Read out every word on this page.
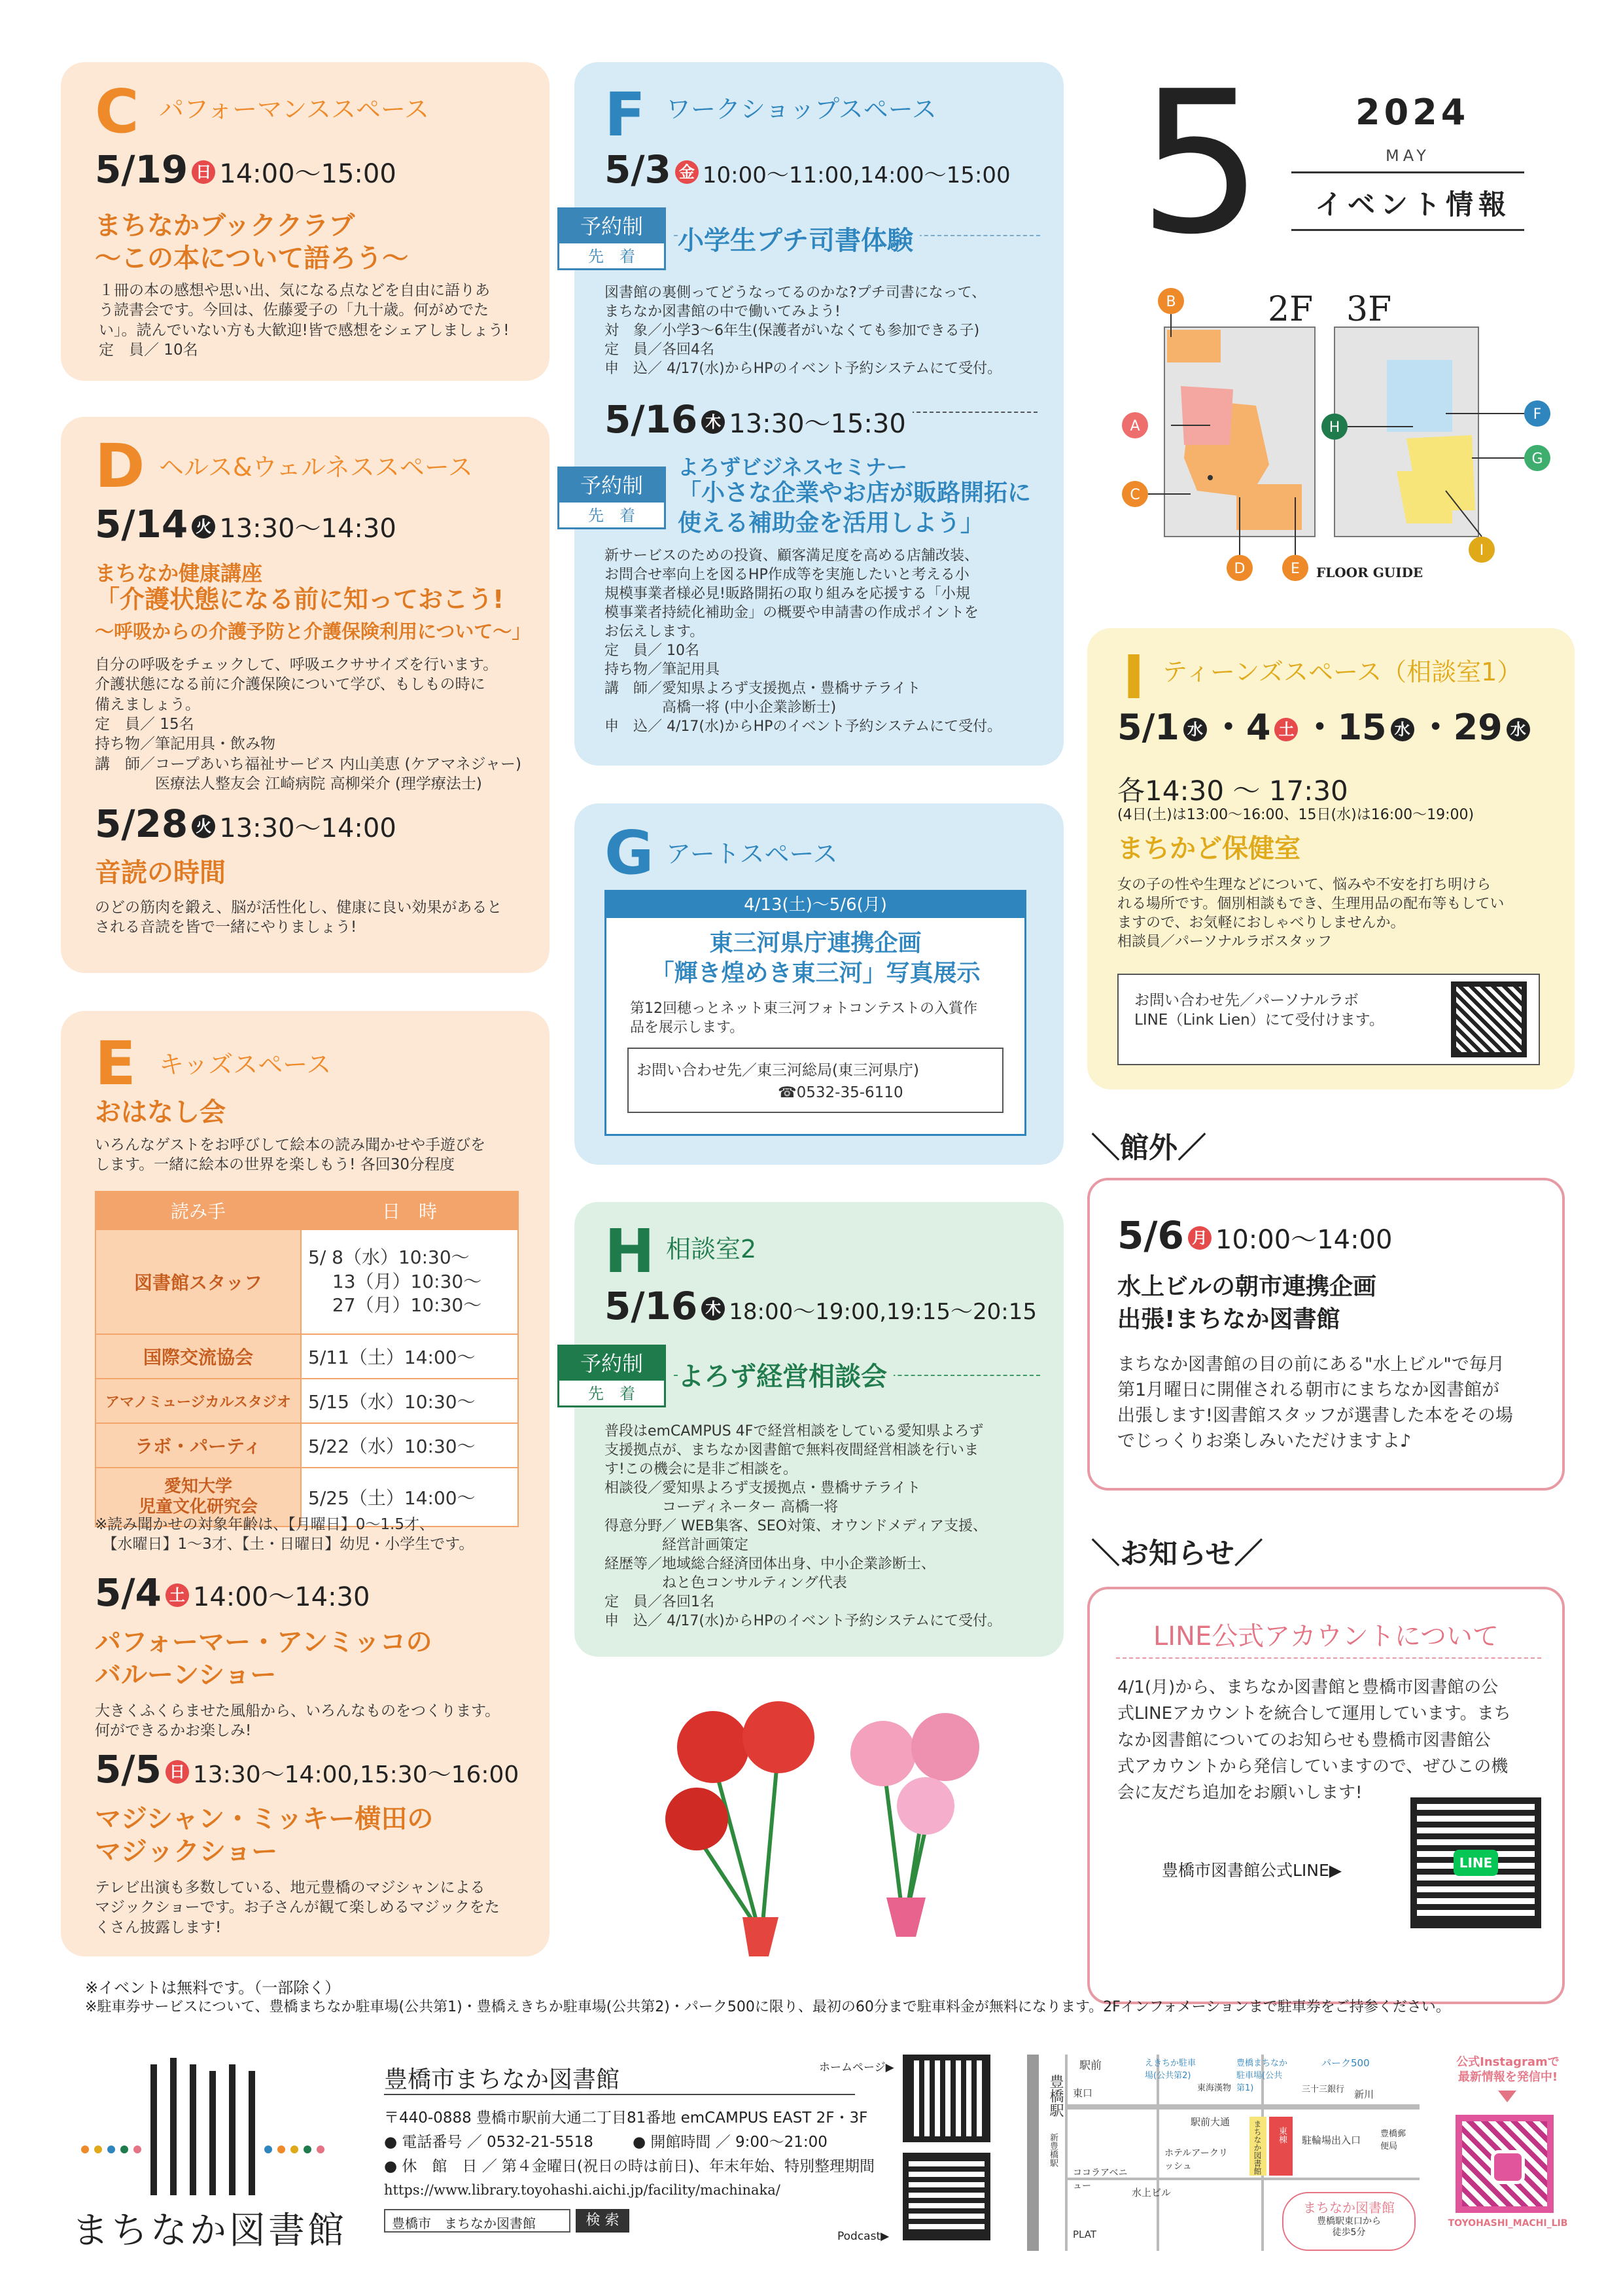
5	2024
MAY
イベント情報
2F 3F
A
B
C
D	E
F
G
H
I
FLOOR GUIDE
C パフォーマンススペース
5/19 日 14:00～15:00
まちなかブッククラブ
～この本について語ろう～
１冊の本の感想や思い出、気になる点などを自由に語りあ
う読書会です。今回は、佐藤愛子の「九十歳。何がめでた
い」。読んでいない方も大歓迎!皆で感想をシェアしましょう!
定　員／ 10名
D ヘルス&ウェルネススペース
5/14 火 13:30～14:30
まちなか健康講座
「介護状態になる前に知っておこう!
～呼吸からの介護予防と介護保険利用について～」
自分の呼吸をチェックして、呼吸エクササイズを行います。
介護状態になる前に介護保険について学び、もしもの時に
備えましょう。
定　員／ 15名
持ち物／筆記用具・飲み物
講　師／コープあいち福祉サービス 内山美恵 (ケアマネジャー)
　　　　医療法人整友会 江崎病院 高柳栄介 (理学療法士)
5/28 火 13:30～14:00
音読の時間
のどの筋肉を鍛え、脳が活性化し、健康に良い効果があると
される音読を皆で一緒にやりましょう!
E キッズスペース
おはなし会
いろんなゲストをお呼びして絵本の読み聞かせや手遊びを
します。一緒に絵本の世界を楽しもう! 各回30分程度
読み手	日　時
図書館スタッフ	5/ 8（水）10:30～
　 13（月）10:30～
　 27（月）10:30～
国際交流協会	5/11（土）14:00～
アマノミュージカルスタジオ	5/15（水）10:30～
ラボ・パーティ	5/22（水）10:30～
愛知大学
児童文化研究会	5/25（土）14:00～
※読み聞かせの対象年齢は、【月曜日】0～1.5才、
　【水曜日】1～3才、【土・日曜日】幼児・小学生です。
5/4 土 14:00～14:30
パフォーマー・アンミッコの
バルーンショー
大きくふくらませた風船から、いろんなものをつくります。
何ができるかお楽しみ!
5/5 日 13:30～14:00,15:30～16:00
マジシャン・ミッキー横田の
マジックショー
テレビ出演も多数している、地元豊橋のマジシャンによる
マジックショーです。お子さんが観て楽しめるマジックをた
くさん披露します!
F ワークショップスペース
5/3 金 10:00～11:00,14:00～15:00
予約制
先　着
小学生プチ司書体験
図書館の裏側ってどうなってるのかな?プチ司書になって、
まちなか図書館の中で働いてみよう!
対　象／小学3～6年生(保護者がいなくても参加できる子)
定　員／各回4名
申　込／ 4/17(水)からHPのイベント予約システムにて受付。
5/16 木 13:30～15:30
予約制
先　着
よろずビジネスセミナー
「小さな企業やお店が販路開拓に
使える補助金を活用しよう」
新サービスのための投資、顧客満足度を高める店舗改装、
お問合せ率向上を図るHP作成等を実施したいと考える小
規模事業者様必見!販路開拓の取り組みを応援する「小規
模事業者持続化補助金」の概要や申請書の作成ポイントを
お伝えします。
定　員／ 10名
持ち物／筆記用具
講　師／愛知県よろず支援拠点・豊橋サテライト
　　　　高橋一将 (中小企業診断士)
申　込／ 4/17(水)からHPのイベント予約システムにて受付。
G アートスペース
4/13(土)～5/6(月)
東三河県庁連携企画
「輝き煌めき東三河」写真展示
第12回穂っとネット東三河フォトコンテストの入賞作
品を展示します。
お問い合わせ先／東三河総局(東三河県庁)
☎0532-35-6110
H 相談室2
5/16 木 18:00～19:00,19:15～20:15
予約制
先　着
よろず経営相談会
普段はemCAMPUS 4Fで経営相談をしている愛知県よろず
支援拠点が、まちなか図書館で無料夜間経営相談を行いま
す!この機会に是非ご相談を。
相談役／愛知県よろず支援拠点・豊橋サテライト
　　　　コーディネーター 高橋一将
得意分野／ WEB集客、SEO対策、オウンドメディア支援、
　　　　経営計画策定
経歴等／地域総合経済団体出身、中小企業診断士、
　　　　ねと色コンサルティング代表
定　員／各回1名
申　込／ 4/17(水)からHPのイベント予約システムにて受付。
I ティーンズスペース（相談室1）
5/1 水 ・4 土 ・15 水 ・29 水
各14:30 ～ 17:30
(4日(土)は13:00～16:00、15日(水)は16:00～19:00)
まちかど保健室
女の子の性や生理などについて、悩みや不安を打ち明けら
れる場所です。個別相談もでき、生理用品の配布等もしてい
ますので、お気軽におしゃべりしませんか。
相談員／パーソナルラボスタッフ
お問い合わせ先／パーソナルラボ
LINE（Link Lien）にて受付けます。
＼館外／
5/6 月 10:00～14:00
水上ビルの朝市連携企画
出張!まちなか図書館
まちなか図書館の目の前にある"水上ビル"で毎月
第1月曜日に開催される朝市にまちなか図書館が
出張します!図書館スタッフが選書した本をその場
でじっくりお楽しみいただけますよ♪
＼お知らせ／
LINE公式アカウントについて
4/1(月)から、まちなか図書館と豊橋市図書館の公
式LINEアカウントを統合して運用しています。まち
なか図書館についてのお知らせも豊橋市図書館公
式アカウントから発信していますので、ぜひこの機
会に友だち追加をお願いします!
豊橋市図書館公式LINE▶	LINE
※イベントは無料です。（一部除く）
※駐車券サービスについて、豊橋まちなか駐車場(公共第1)・豊橋えきちか駐車場(公共第2)・パーク500に限り、最初の60分まで駐車料金が無料になります。2Fインフォメーションまで駐車券をご持参ください。
まちなか図書館
豊橋市まちなか図書館
〒440-0888 豊橋市駅前大通二丁目81番地 emCAMPUS EAST 2F・3F
● 電話番号 ／ 0532-21-5518	● 開館時間 ／ 9:00～21:00
● 休　館　日 ／ 第４金曜日(祝日の時は前日)、年末年始、特別整理期間
https://www.library.toyohashi.aichi.jp/facility/machinaka/
豊橋市　まちなか図書館	検 索
ホームページ▶
Podcast▶
豊橋駅
駅前
東口
えきちか駐車場(公共第2)
豊橋まちなか駐車場(公共第1)
パーク500
東海漢物	三十三銀行 新川
駅前大通
駐輪場出入口
ホテルアークリッシュ
ココラアベニュー
新豊橋駅
水上ビル
まちなか図書館 東棟	豊橋郵便局
PLAT
まちなか図書館
豊橋駅東口から
徒歩5分
公式Instagramで
最新情報を発信中!
TOYOHASHI_MACHI_LIB
